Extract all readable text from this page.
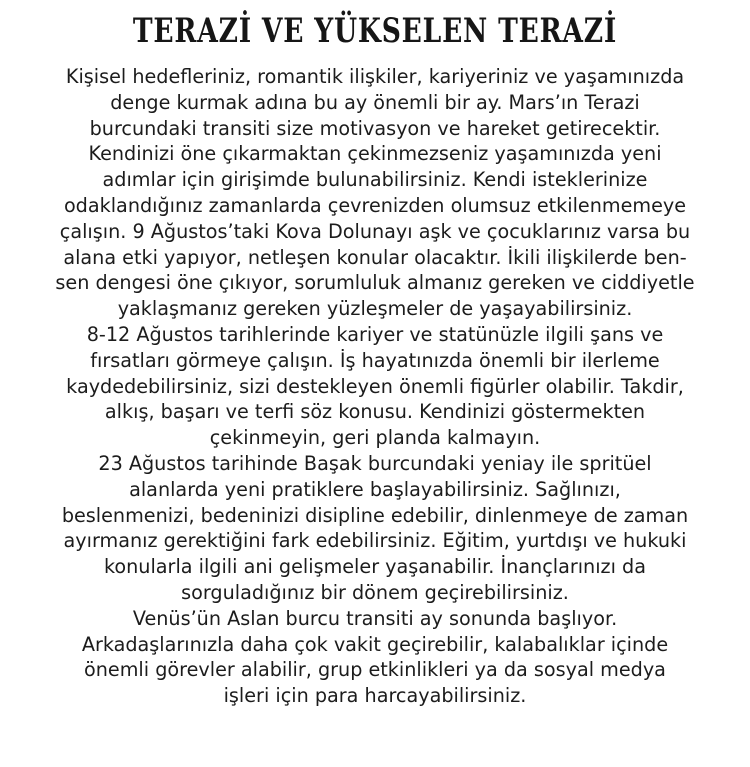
TERAZİ VE YÜKSELEN TERAZİ
Kişisel hedefleriniz, romantik ilişkiler, kariyeriniz ve yaşamınızda
denge kurmak adına bu ay önemli bir ay. Mars’ın Terazi
burcundaki transiti size motivasyon ve hareket getirecektir.
Kendinizi öne çıkarmaktan çekinmezseniz yaşamınızda yeni
adımlar için girişimde bulunabilirsiniz. Kendi isteklerinize
odaklandığınız zamanlarda çevrenizden olumsuz etkilenmemeye
çalışın. 9 Ağustos’taki Kova Dolunayı aşk ve çocuklarınız varsa bu
alana etki yapıyor, netleşen konular olacaktır. İkili ilişkilerde ben-
sen dengesi öne çıkıyor, sorumluluk almanız gereken ve ciddiyetle
yaklaşmanız gereken yüzleşmeler de yaşayabilirsiniz.
8-12 Ağustos tarihlerinde kariyer ve statünüzle ilgili şans ve
fırsatları görmeye çalışın. İş hayatınızda önemli bir ilerleme
kaydedebilirsiniz, sizi destekleyen önemli figürler olabilir. Takdir,
alkış, başarı ve terfi söz konusu. Kendinizi göstermekten
çekinmeyin, geri planda kalmayın.
23 Ağustos tarihinde Başak burcundaki yeniay ile spritüel
alanlarda yeni pratiklere başlayabilirsiniz. Sağlınızı,
beslenmenizi, bedeninizi disipline edebilir, dinlenmeye de zaman
ayırmanız gerektiğini fark edebilirsiniz. Eğitim, yurtdışı ve hukuki
konularla ilgili ani gelişmeler yaşanabilir. İnançlarınızı da
sorguladığınız bir dönem geçirebilirsiniz.
Venüs’ün Aslan burcu transiti ay sonunda başlıyor.
Arkadaşlarınızla daha çok vakit geçirebilir, kalabalıklar içinde
önemli görevler alabilir, grup etkinlikleri ya da sosyal medya
işleri için para harcayabilirsiniz.
